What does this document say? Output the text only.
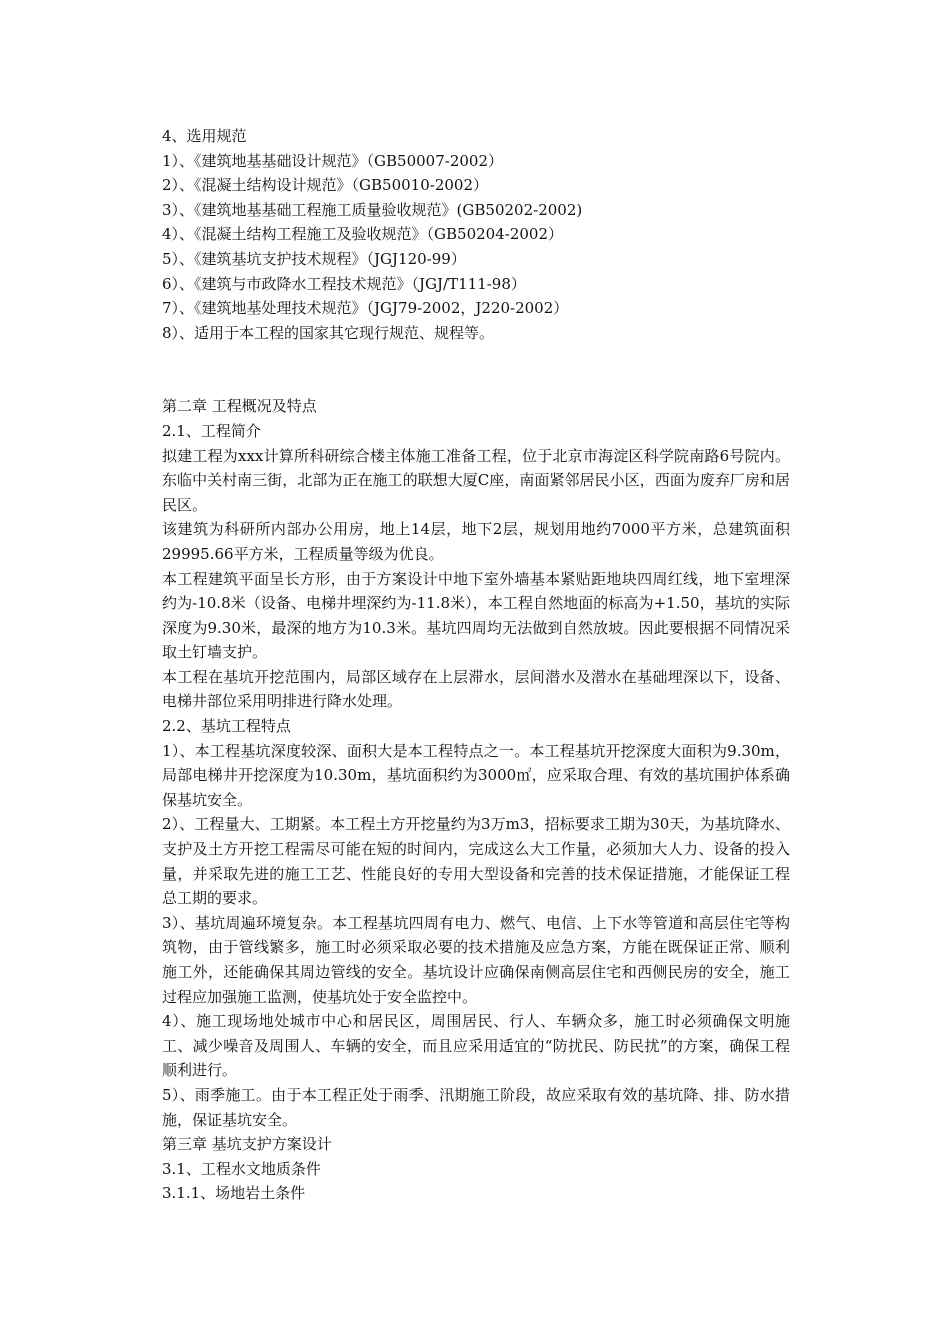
4、选用规范
1）、《建筑地基基础设计规范》（GB50007-2002）
2）、《混凝土结构设计规范》（GB50010-2002）
3）、《建筑地基基础工程施工质量验收规范》(GB50202-2002)
4）、《混凝土结构工程施工及验收规范》（GB50204-2002）
5）、《建筑基坑支护技术规程》（JGJ120-99）
6）、《建筑与市政降水工程技术规范》（JGJ/T111-98）
7）、《建筑地基处理技术规范》（JGJ79-2002，J220-2002）
8）、适用于本工程的国家其它现行规范、规程等。
第二章 工程概况及特点
2.1、工程简介
拟建工程为xxx计算所科研综合楼主体施工准备工程，位于北京市海淀区科学院南路6号院内。东临中关村南三街，北部为正在施工的联想大厦C座，南面紧邻居民小区，西面为废弃厂房和居民区。
该建筑为科研所内部办公用房，地上14层，地下2层，规划用地约7000平方米，总建筑面积29995.66平方米，工程质量等级为优良。
本工程建筑平面呈长方形，由于方案设计中地下室外墙基本紧贴距地块四周红线，地下室埋深约为-10.8米（设备、电梯井埋深约为-11.8米），本工程自然地面的标高为+1.50，基坑的实际深度为9.30米，最深的地方为10.3米。基坑四周均无法做到自然放坡。因此要根据不同情况采取土钉墙支护。
本工程在基坑开挖范围内，局部区域存在上层滞水，层间潜水及潜水在基础埋深以下，设备、电梯井部位采用明排进行降水处理。
2.2、基坑工程特点
1）、本工程基坑深度较深、面积大是本工程特点之一。本工程基坑开挖深度大面积为9.30m，局部电梯井开挖深度为10.30m，基坑面积约为3000㎡，应采取合理、有效的基坑围护体系确保基坑安全。
2）、工程量大、工期紧。本工程土方开挖量约为3万m3，招标要求工期为30天，为基坑降水、支护及土方开挖工程需尽可能在短的时间内，完成这么大工作量，必须加大人力、设备的投入量，并采取先进的施工工艺、性能良好的专用大型设备和完善的技术保证措施，才能保证工程总工期的要求。
3）、基坑周遍环境复杂。本工程基坑四周有电力、燃气、电信、上下水等管道和高层住宅等构筑物，由于管线繁多，施工时必须采取必要的技术措施及应急方案，方能在既保证正常、顺利施工外，还能确保其周边管线的安全。基坑设计应确保南侧高层住宅和西侧民房的安全，施工过程应加强施工监测，使基坑处于安全监控中。
4）、施工现场地处城市中心和居民区，周围居民、行人、车辆众多，施工时必须确保文明施工、减少噪音及周围人、车辆的安全，而且应采用适宜的“防扰民、防民扰”的方案，确保工程顺利进行。
5）、雨季施工。由于本工程正处于雨季、汛期施工阶段，故应采取有效的基坑降、排、防水措施，保证基坑安全。
第三章 基坑支护方案设计
3.1、工程水文地质条件
3.1.1、场地岩土条件
